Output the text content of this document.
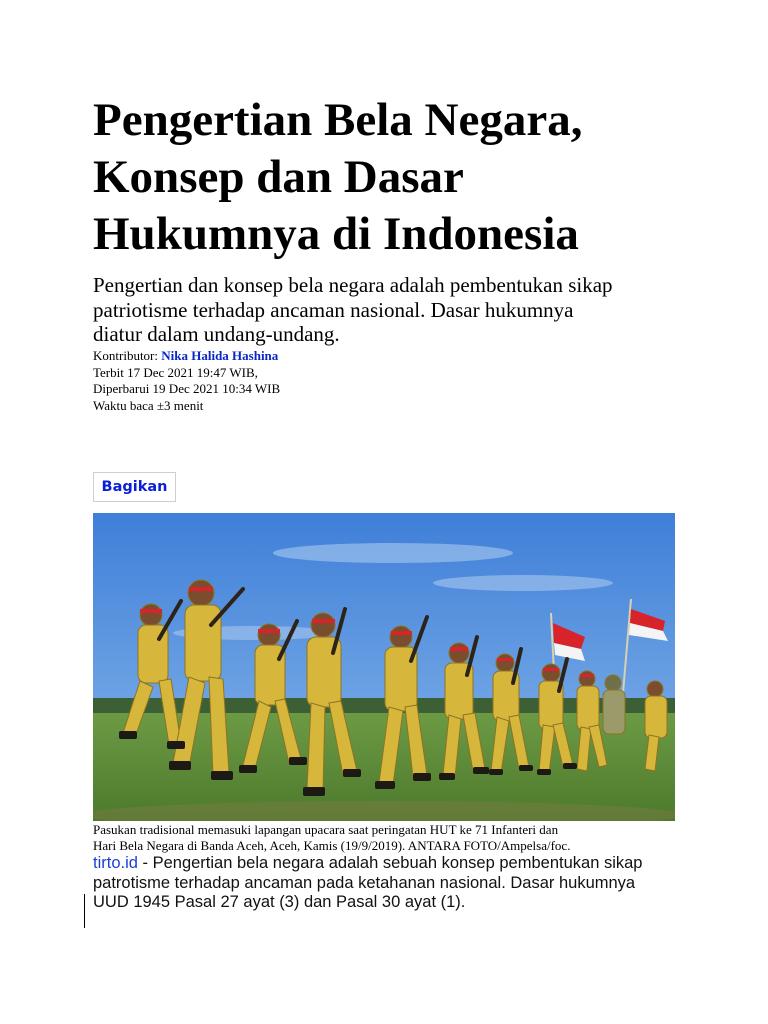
Pengertian Bela Negara,
Konsep dan Dasar
Hukumnya di Indonesia

Pengertian dan konsep bela negara adalah pembentukan sikap
patriotisme terhadap ancaman nasional. Dasar hukumnya
diatur dalam undang-undang.

Kontributor: Nika Halida Hashina
Terbit 17 Dec 2021 19:47 WIB,
Diperbarui 19 Dec 2021 10:34 WIB
Waktu baca ±3 menit
Bagikan
Pasukan tradisional memasuki lapangan upacara saat peringatan HUT ke 71 Infanteri dan
Hari Bela Negara di Banda Aceh, Aceh, Kamis (19/9/2019). ANTARA FOTO/Ampelsa/foc.
tirto.id - Pengertian bela negara adalah sebuah konsep pembentukan sikap
patrotisme terhadap ancaman pada ketahanan nasional. Dasar hukumnya
UUD 1945 Pasal 27 ayat (3) dan Pasal 30 ayat (1).
